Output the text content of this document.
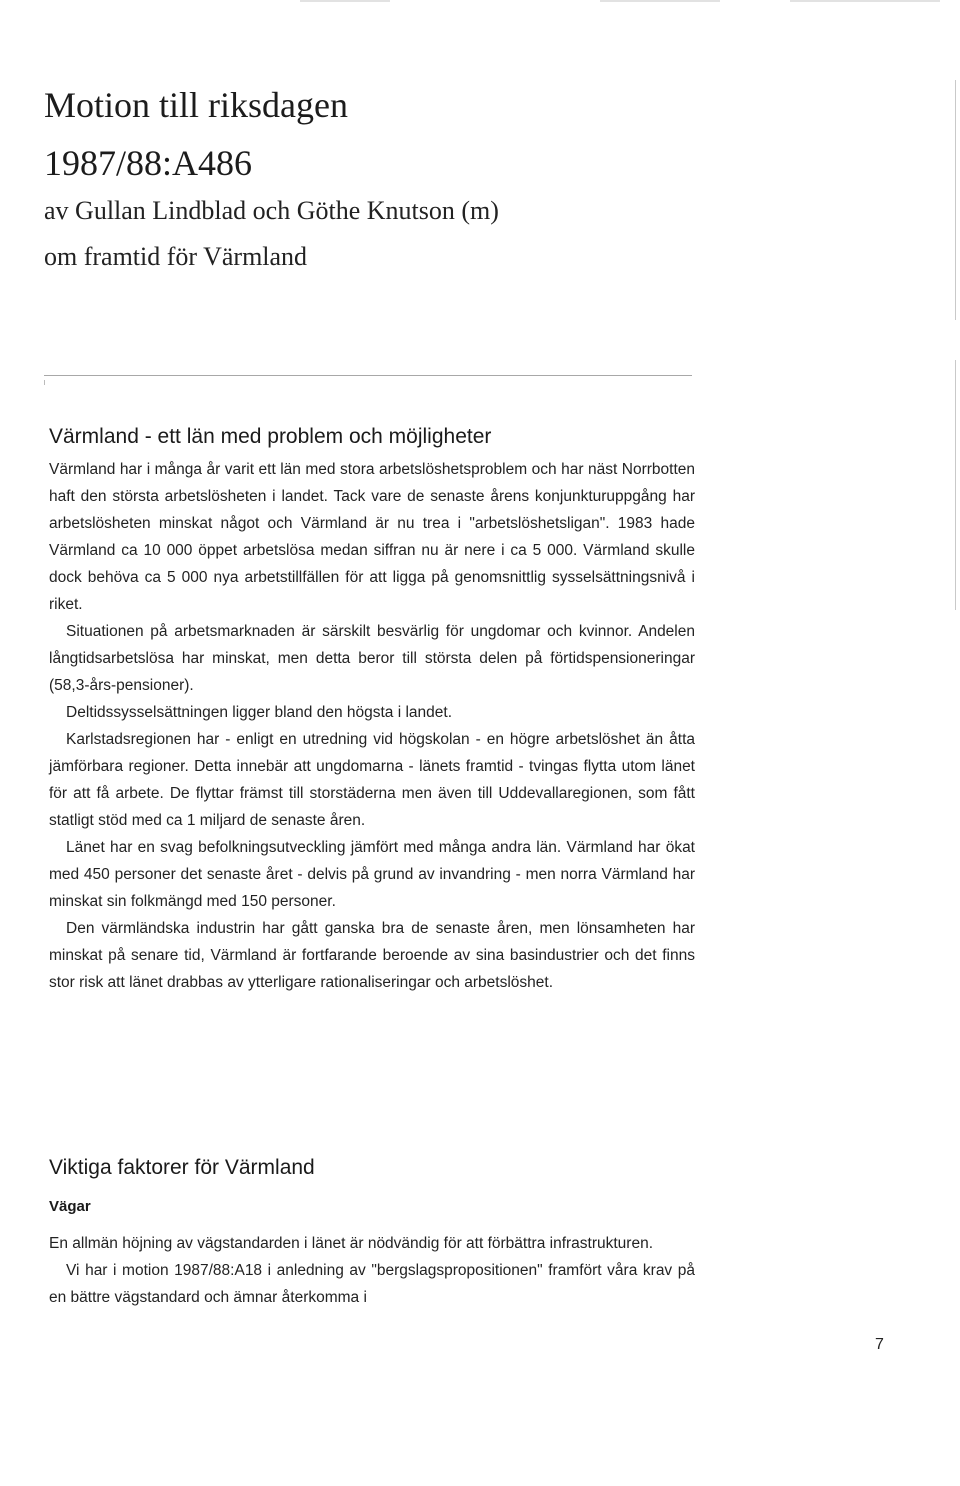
Motion till riksdagen
1987/88:A486
av Gullan Lindblad och Göthe Knutson (m)
om framtid för Värmland
Värmland - ett län med problem och möjligheter

Värmland har i många år varit ett län med stora arbetslöshetsproblem och har näst Norrbotten haft den största arbetslösheten i landet. Tack vare de senaste årens konjunkturuppgång har arbetslösheten minskat något och Värmland är nu trea i "arbetslöshetsligan". 1983 hade Värmland ca 10 000 öppet arbetslösa medan siffran nu är nere i ca 5 000. Värmland skulle dock behöva ca 5 000 nya arbetstillfällen för att ligga på genomsnittlig sysselsättningsnivå i riket.

Situationen på arbetsmarknaden är särskilt besvärlig för ungdomar och kvinnor. Andelen långtidsarbetslösa har minskat, men detta beror till största delen på förtidspensioneringar (58,3-års-pensioner).

Deltidssysselsättningen ligger bland den högsta i landet.

Karlstadsregionen har - enligt en utredning vid högskolan - en högre arbetslöshet än åtta jämförbara regioner. Detta innebär att ungdomarna - länets framtid - tvingas flytta utom länet för att få arbete. De flyttar främst till storstäderna men även till Uddevallaregionen, som fått statligt stöd med ca 1 miljard de senaste åren.

Länet har en svag befolkningsutveckling jämfört med många andra län. Värmland har ökat med 450 personer det senaste året - delvis på grund av invandring - men norra Värmland har minskat sin folkmängd med 150 personer.

Den värmländska industrin har gått ganska bra de senaste åren, men lönsamheten har minskat på senare tid, Värmland är fortfarande beroende av sina basindustrier och det finns stor risk att länet drabbas av ytterligare rationaliseringar och arbetslöshet.

Viktiga faktorer för Värmland
Vägar

En allmän höjning av vägstandarden i länet är nödvändig för att förbättra infrastrukturen.

Vi har i motion 1987/88:A18 i anledning av "bergslagspropositionen" framfört våra krav på en bättre vägstandard och ämnar återkomma i

7
